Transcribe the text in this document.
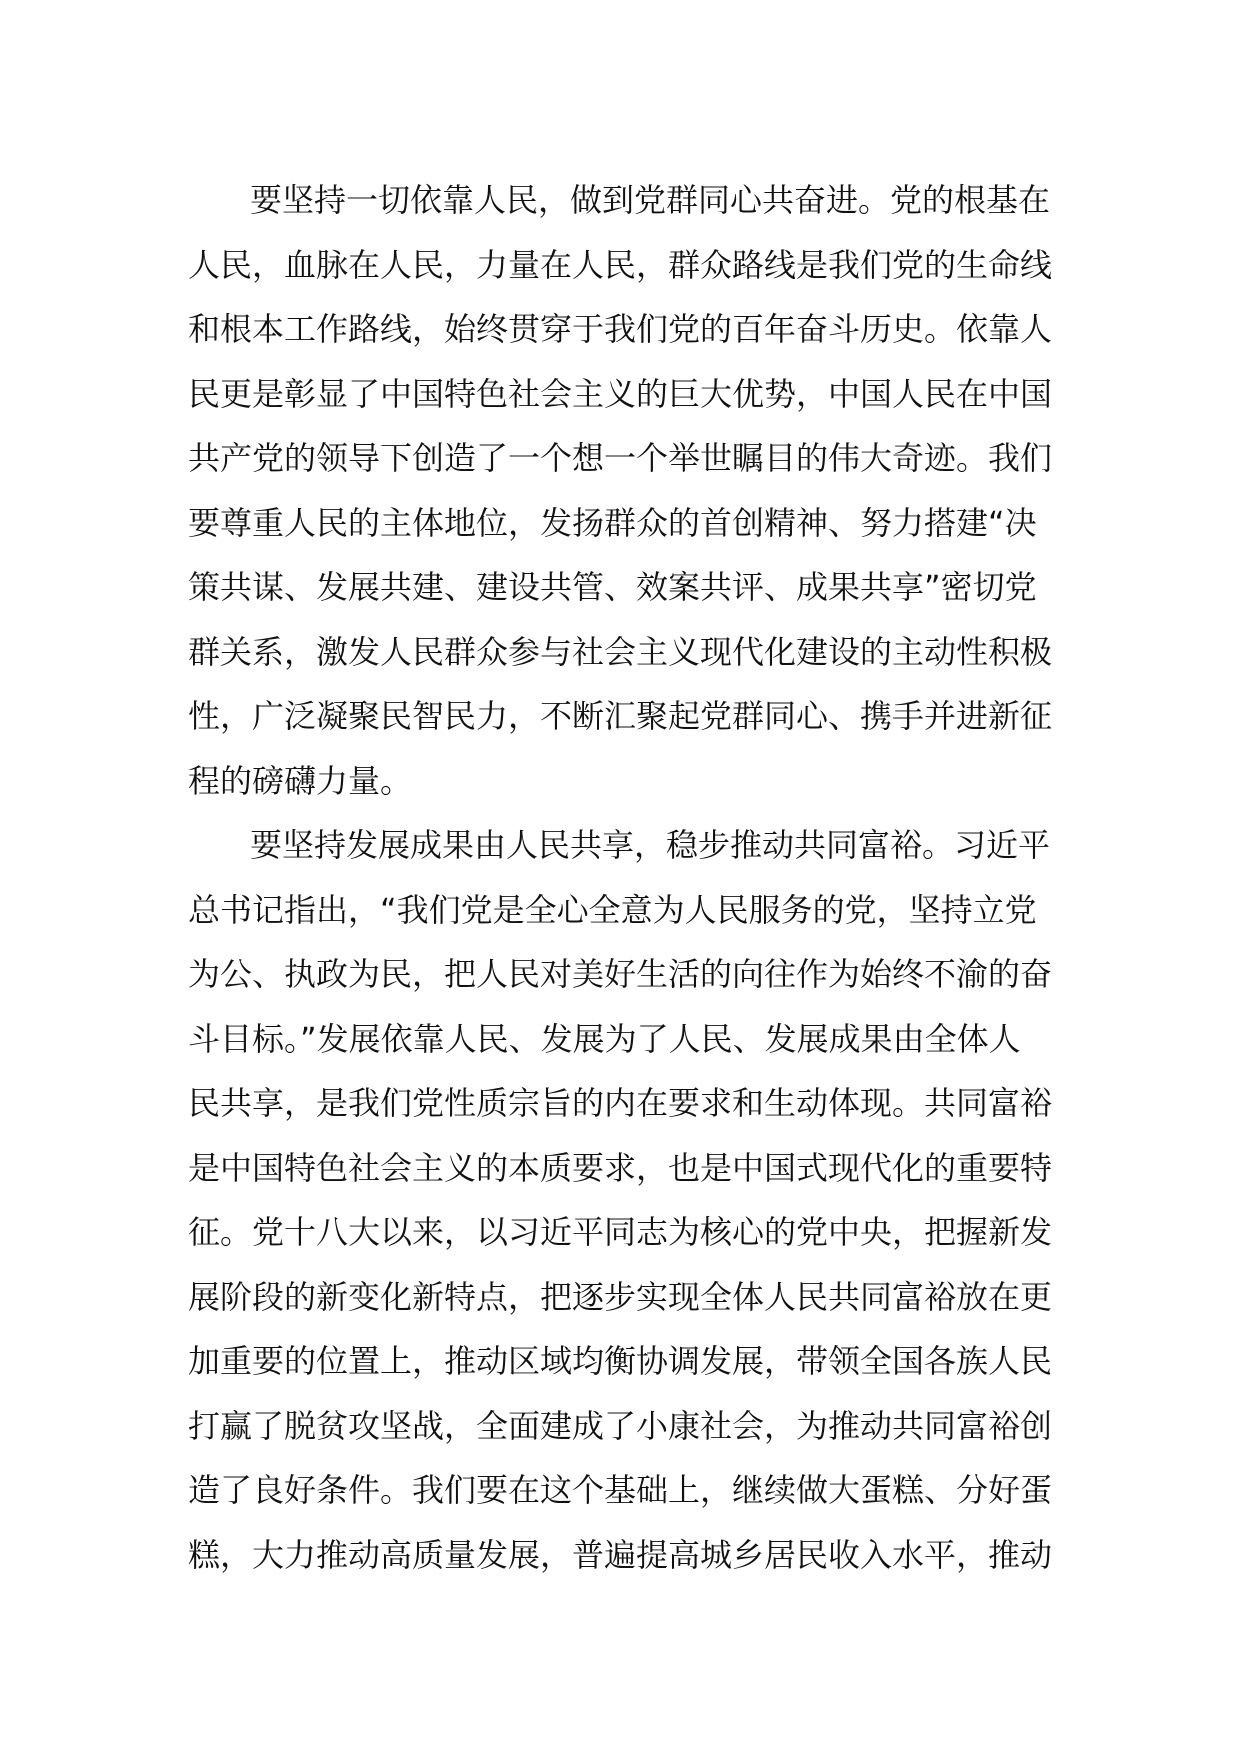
要坚持一切依靠人民，做到党群同心共奋进。党的根基在
人民，血脉在人民，力量在人民，群众路线是我们党的生命线
和根本工作路线，始终贯穿于我们党的百年奋斗历史。依靠人
民更是彰显了中国特色社会主义的巨大优势，中国人民在中国
共产党的领导下创造了一个想一个举世瞩目的伟大奇迹。我们
要尊重人民的主体地位，发扬群众的首创精神、努力搭建“决
策共谋、发展共建、建设共管、效案共评、成果共享”密切党
群关系，激发人民群众参与社会主义现代化建设的主动性积极
性，广泛凝聚民智民力，不断汇聚起党群同心、携手并进新征
程的磅礴力量。

要坚持发展成果由人民共享，稳步推动共同富裕。习近平
总书记指出，“我们党是全心全意为人民服务的党，坚持立党
为公、执政为民，把人民对美好生活的向往作为始终不渝的奋
斗目标。”发展依靠人民、发展为了人民、发展成果由全体人
民共享，是我们党性质宗旨的内在要求和生动体现。共同富裕
是中国特色社会主义的本质要求，也是中国式现代化的重要特
征。党十八大以来，以习近平同志为核心的党中央，把握新发
展阶段的新变化新特点，把逐步实现全体人民共同富裕放在更
加重要的位置上，推动区域均衡协调发展，带领全国各族人民
打赢了脱贫攻坚战，全面建成了小康社会，为推动共同富裕创
造了良好条件。我们要在这个基础上，继续做大蛋糕、分好蛋
糕，大力推动高质量发展，普遍提高城乡居民收入水平，推动
